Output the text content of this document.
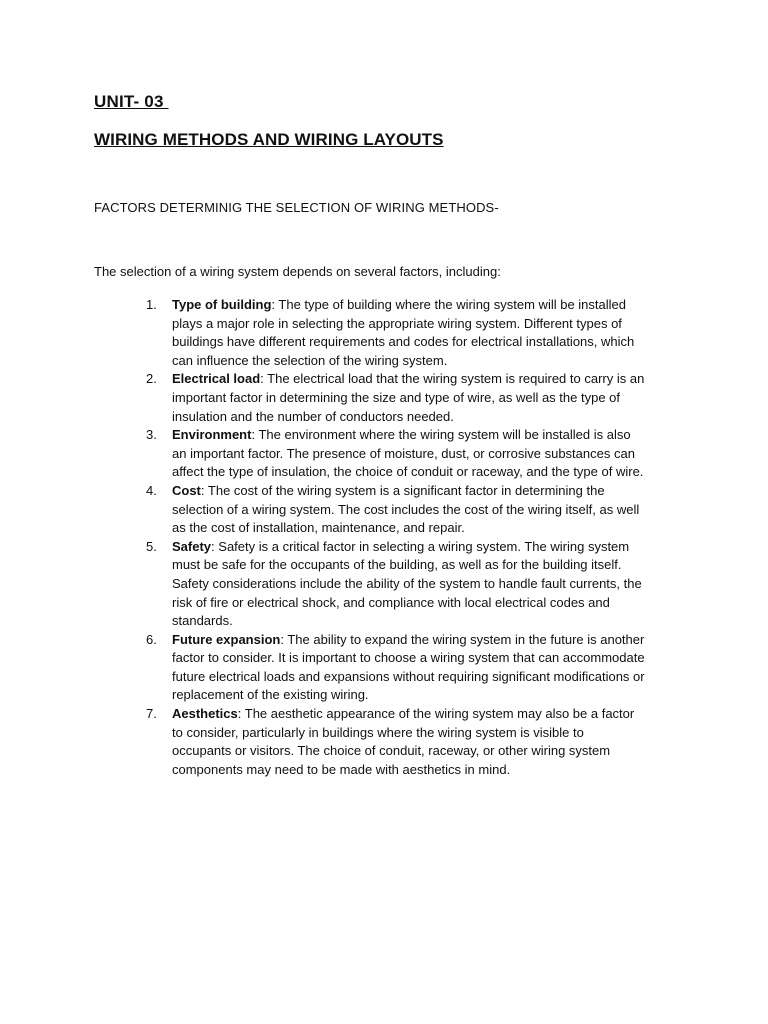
UNIT- 03
WIRING METHODS AND WIRING LAYOUTS
FACTORS DETERMINIG THE SELECTION OF WIRING METHODS-
The selection of a wiring system depends on several factors, including:
1. Type of building: The type of building where the wiring system will be installed plays a major role in selecting the appropriate wiring system. Different types of buildings have different requirements and codes for electrical installations, which can influence the selection of the wiring system.
2. Electrical load: The electrical load that the wiring system is required to carry is an important factor in determining the size and type of wire, as well as the type of insulation and the number of conductors needed.
3. Environment: The environment where the wiring system will be installed is also an important factor. The presence of moisture, dust, or corrosive substances can affect the type of insulation, the choice of conduit or raceway, and the type of wire.
4. Cost: The cost of the wiring system is a significant factor in determining the selection of a wiring system. The cost includes the cost of the wiring itself, as well as the cost of installation, maintenance, and repair.
5. Safety: Safety is a critical factor in selecting a wiring system. The wiring system must be safe for the occupants of the building, as well as for the building itself. Safety considerations include the ability of the system to handle fault currents, the risk of fire or electrical shock, and compliance with local electrical codes and standards.
6. Future expansion: The ability to expand the wiring system in the future is another factor to consider. It is important to choose a wiring system that can accommodate future electrical loads and expansions without requiring significant modifications or replacement of the existing wiring.
7. Aesthetics: The aesthetic appearance of the wiring system may also be a factor to consider, particularly in buildings where the wiring system is visible to occupants or visitors. The choice of conduit, raceway, or other wiring system components may need to be made with aesthetics in mind.
